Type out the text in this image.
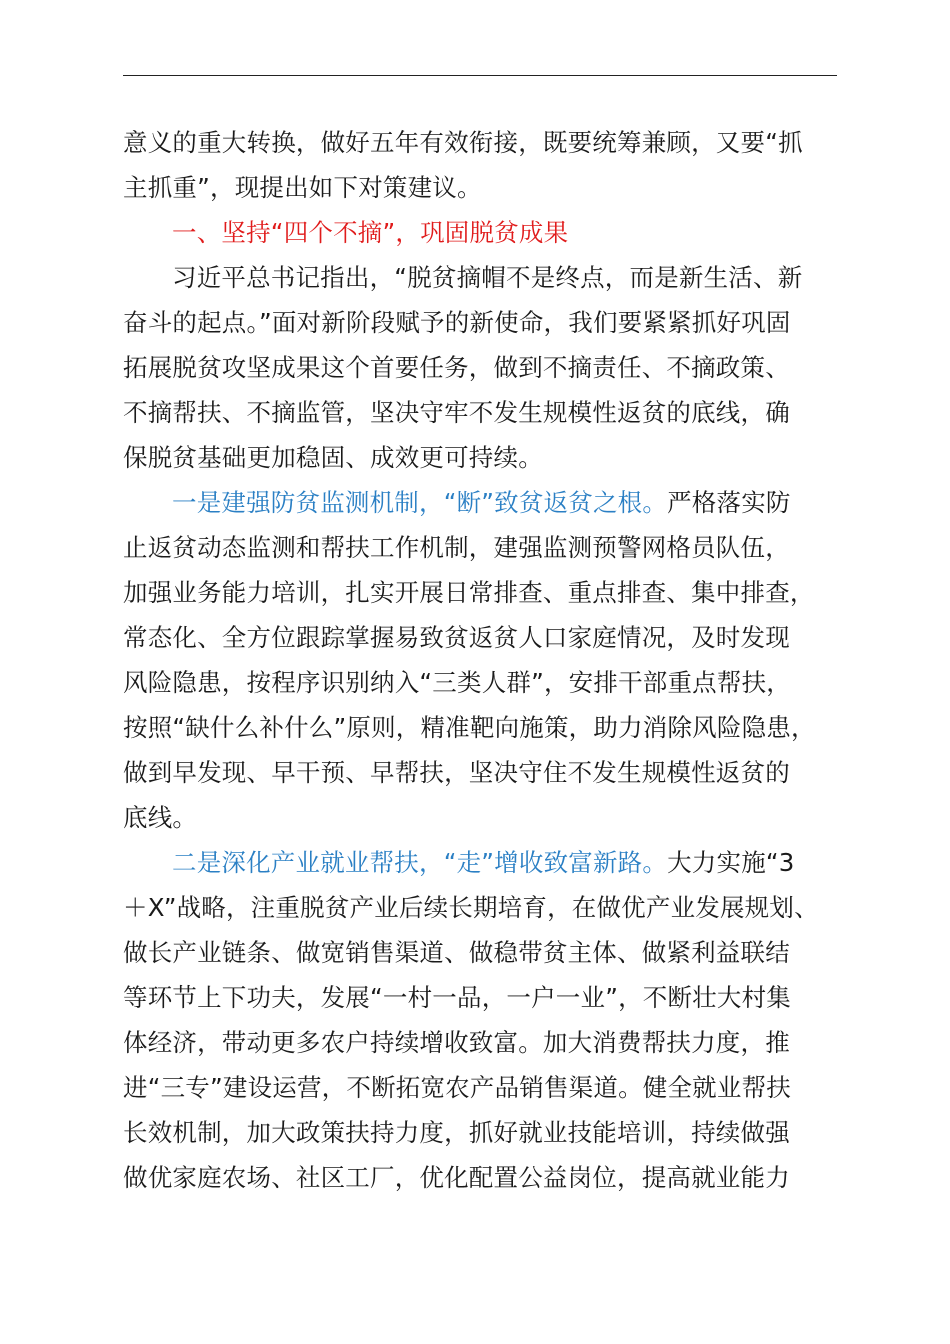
意义的重大转换，做好五年有效衔接，既要统筹兼顾，又要“抓
主抓重”，现提出如下对策建议。
一、坚持“四个不摘”，巩固脱贫成果
习近平总书记指出，“脱贫摘帽不是终点，而是新生活、新
奋斗的起点。”面对新阶段赋予的新使命，我们要紧紧抓好巩固
拓展脱贫攻坚成果这个首要任务，做到不摘责任、不摘政策、
不摘帮扶、不摘监管，坚决守牢不发生规模性返贫的底线，确
保脱贫基础更加稳固、成效更可持续。
一是建强防贫监测机制，“断”致贫返贫之根。严格落实防
止返贫动态监测和帮扶工作机制，建强监测预警网格员队伍，
加强业务能力培训，扎实开展日常排查、重点排查、集中排查，
常态化、全方位跟踪掌握易致贫返贫人口家庭情况，及时发现
风险隐患，按程序识别纳入“三类人群”，安排干部重点帮扶，
按照“缺什么补什么”原则，精准靶向施策，助力消除风险隐患，
做到早发现、早干预、早帮扶，坚决守住不发生规模性返贫的
底线。
二是深化产业就业帮扶，“走”增收致富新路。大力实施“3
＋X”战略，注重脱贫产业后续长期培育，在做优产业发展规划、
做长产业链条、做宽销售渠道、做稳带贫主体、做紧利益联结
等环节上下功夫，发展“一村一品，一户一业”，不断壮大村集
体经济，带动更多农户持续增收致富。加大消费帮扶力度，推
进“三专”建设运营，不断拓宽农产品销售渠道。健全就业帮扶
长效机制，加大政策扶持力度，抓好就业技能培训，持续做强
做优家庭农场、社区工厂，优化配置公益岗位，提高就业能力
